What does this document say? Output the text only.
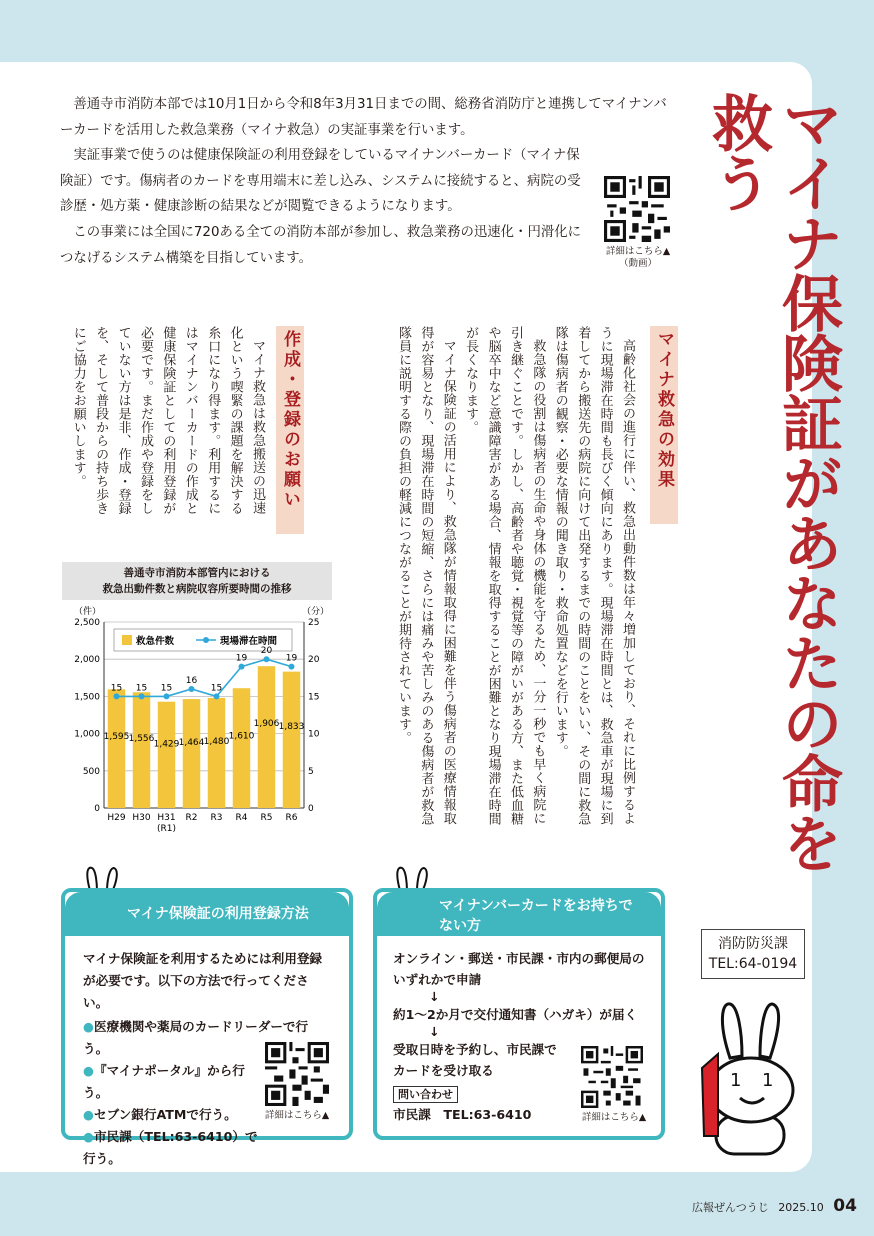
善通寺市消防本部では10月1日から令和8年3月31日までの間、総務省消防庁と連携してマイナンバーカードを活用した救急業務（マイナ救急）の実証事業を行います。

実証事業で使うのは健康保険証の利用登録をしているマイナンバーカード（マイナ保険証）です。傷病者のカードを専用端末に差し込み、システムに接続すると、病院の受診歴・処方薬・健康診断の結果などが閲覧できるようになります。

この事業には全国に720ある全ての消防本部が参加し、救急業務の迅速化・円滑化につなげるシステム構築を目指しています。	詳細はこちら▲
（動画）	マイナ保険証があなたの命を救う
消防防災課
TEL:64-0194
マイナ救急の効果

高齢化社会の進行に伴い、救急出動件数は年々増加しており、それに比例するように現場滞在時間も長びく傾向にあります。現場滞在時間とは、救急車が現場に到着してから搬送先の病院に向けて出発するまでの時間のことをいい、その間に救急隊は傷病者の観察・必要な情報の聞き取り・救命処置などを行います。

救急隊の役割は傷病者の生命や身体の機能を守るため、一分一秒でも早く病院に引き継ぐことです。しかし、高齢者や聴覚・視覚等の障がいがある方、また低血糖や脳卒中など意識障害がある場合、情報を取得することが困難となり現場滞在時間が長くなります。

マイナ保険証の活用により、救急隊が情報取得に困難を伴う傷病者の医療情報取得が容易となり、現場滞在時間の短縮、さらには痛みや苦しみのある傷病者が救急隊員に説明する際の負担の軽減につながることが期待されています。

作成・登録のお願い

マイナ救急は救急搬送の迅速化という喫緊の課題を解決する糸口になり得ます。利用するにはマイナンバーカードの作成と健康保険証としての利用登録が必要です。まだ作成や登録をしていない方は是非、作成・登録を、そして普段からの持ち歩きにご協力をお願いします。

善通寺市消防本部管内における
救急出動件数と病院収容所要時間の推移
（件）	（分）
0
500
1,000
1,500
2,000
2,500
0
5
10
15
20
25
救急件数	現場滞在時間
1,595
H29
1,556
H30
1,429
H31
(R1)
1,464
R2
1,480
R3
1,610
R4
1,906
R5
1,833
R6
15 15 15
16
15
19
20
19
マイナ保険証の利用登録方法
マイナ保険証を利用するためには利用登録が必要です。以下の方法で行ってください。
●医療機関や薬局のカードリーダーで行う。
●『マイナポータル』から行う。
●セブン銀行ATMで行う。
●市民課（TEL:63-6410）で行う。
詳細はこちら▲
マイナンバーカードをお持ちで
ない方
オンライン・郵送・市民課・市内の郵便局の
いずれかで申請
↓
約1～2か月で交付通知書（ハガキ）が届く
↓
受取日時を予約し、市民課で
カードを受け取る
問い合わせ
市民課　TEL:63-6410	詳細はこちら▲
1 1
広報ぜんつうじ 2025.10 04
